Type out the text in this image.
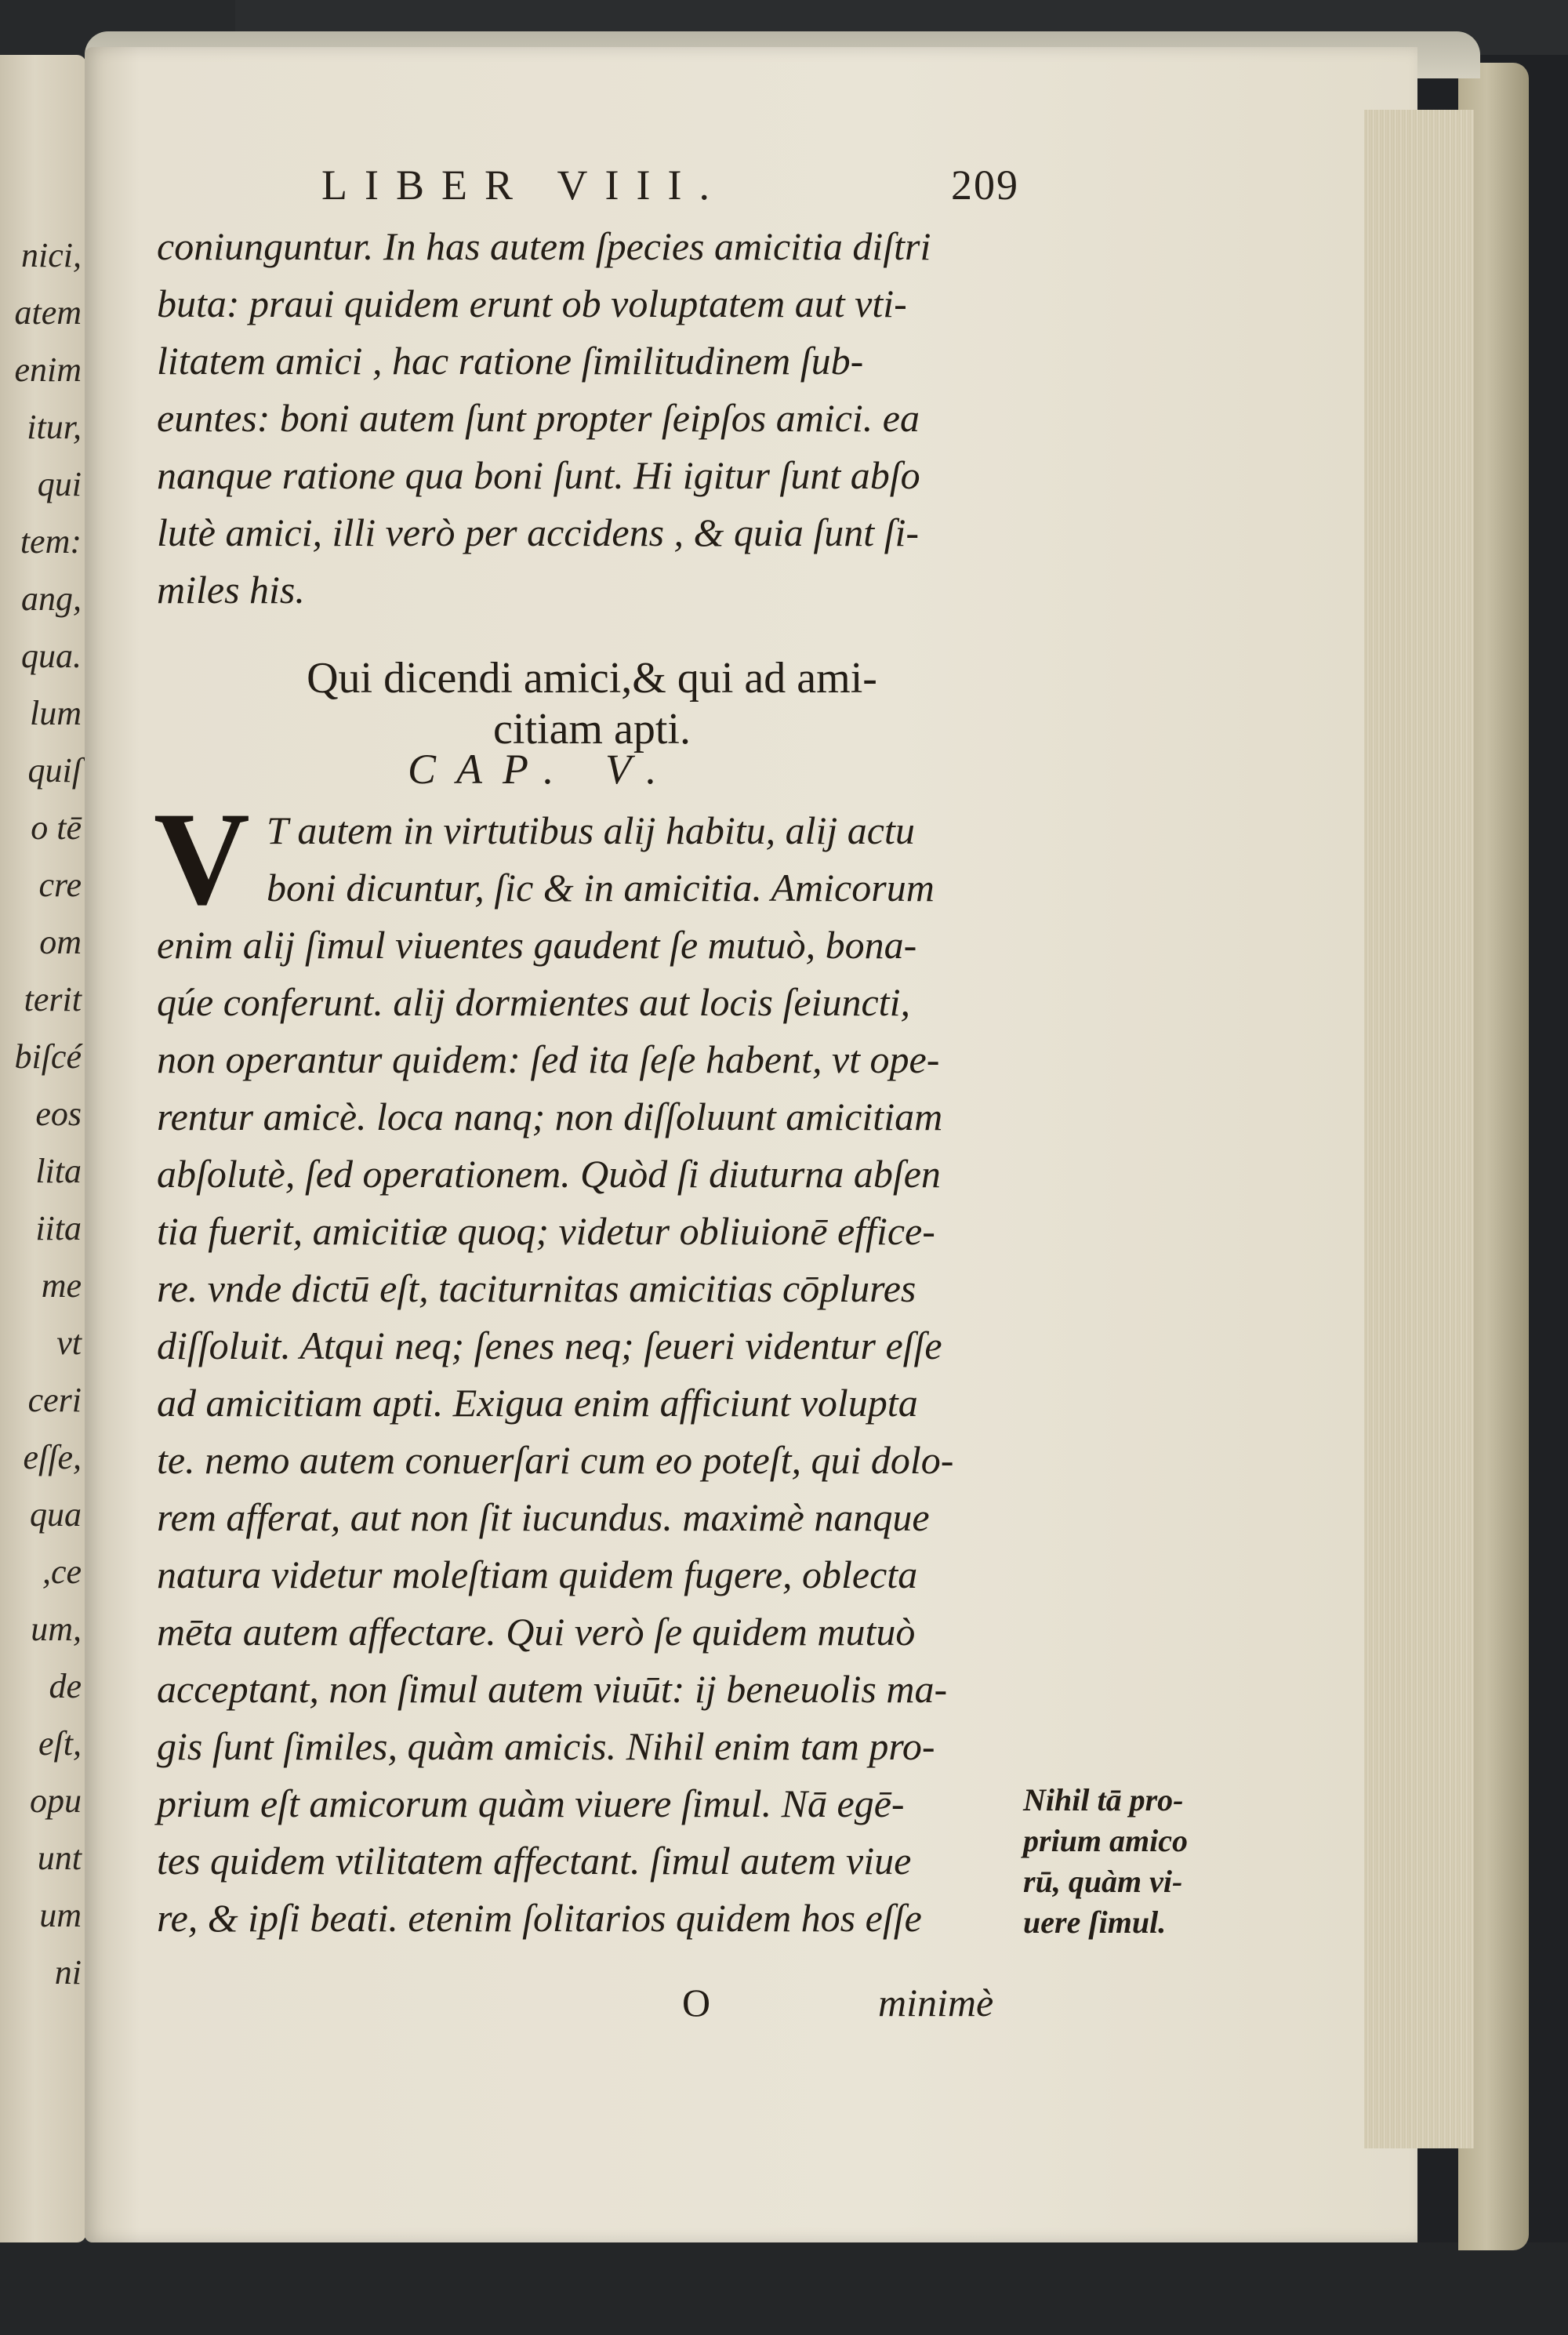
nici,
atem
enim
itur,
qui
tem:
ang,
qua.
lum
quiſ
o tē
cre
om
terit
biſcé
eos
lita
iita
me
vt
ceri
eſſe,
qua
,ce
um,
de
eſt,
opu
unt
um
ni
LIBER VIII.	209
coniunguntur. In has autem ſpecies amicitia diſtri
buta: praui quidem erunt ob voluptatem aut vti-
litatem amici , hac ratione ſimilitudinem ſub-
euntes: boni autem ſunt propter ſeipſos amici. ea
nanque ratione qua boni ſunt. Hi igitur ſunt abſo
lutè amici, illi verò per accidens , & quia ſunt ſi-
miles his.
Qui dicendi amici,& qui ad ami-
citiam apti.
CAP. V.
V T autem in virtutibus alij habitu, alij actu
boni dicuntur, ſic & in amicitia. Amicorum
enim alij ſimul viuentes gaudent ſe mutuò, bona-
qúe conferunt. alij dormientes aut locis ſeiuncti,
non operantur quidem: ſed ita ſeſe habent, vt ope-
rentur amicè. loca nanq; non diſſoluunt amicitiam
abſolutè, ſed operationem. Quòd ſi diuturna abſen
tia fuerit, amicitiæ quoq; videtur obliuionē effice-
re. vnde dictū eſt, taciturnitas amicitias cōplures
diſſoluit. Atqui neq; ſenes neq; ſeueri videntur eſſe
ad amicitiam apti. Exigua enim afficiunt volupta
te. nemo autem conuerſari cum eo poteſt, qui dolo-
rem afferat, aut non ſit iucundus. maximè nanque
natura videtur moleſtiam quidem fugere, oblecta
mēta autem affectare. Qui verò ſe quidem mutuò
acceptant, non ſimul autem viuūt: ij beneuolis ma-
gis ſunt ſimiles, quàm amicis. Nihil enim tam pro-
prium eſt amicorum quàm viuere ſimul. Nā egē-
tes quidem vtilitatem affectant. ſimul autem viue
re, & ipſi beati. etenim ſolitarios quidem hos eſſe
Nihil tā pro-
prium amico
rū, quàm vi-
uere ſimul.
O	minimè
